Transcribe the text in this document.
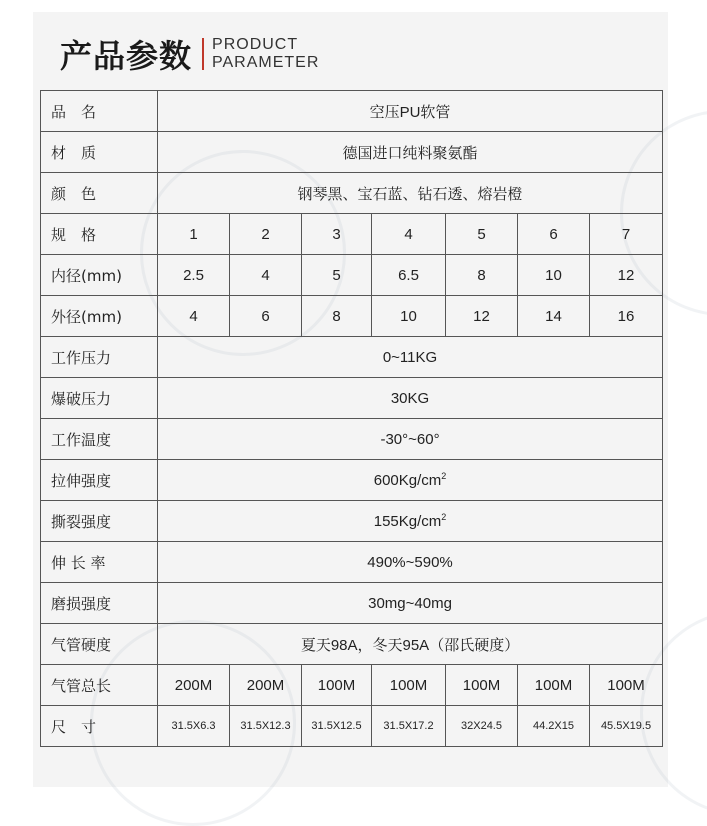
产品参数 PRODUCT
PARAMETER
品　名	空压PU软管						
材　质	德国进口纯料聚氨酯						
颜　色	钢琴黑、宝石蓝、钻石透、熔岩橙						
规　格	1	2	3	4	5	6	7
内径(mm)	2.5	4	5	6.5	8	10	12
外径(mm)	4	6	8	10	12	14	16
工作压力	0~11KG						
爆破压力	30KG						
工作温度	-30°~60°						
拉伸强度	$600Kg/cm^2$
撕裂强度	$155Kg/cm^2$
伸 长 率	490%~590%						
磨损强度	30mg~40mg						
气管硬度	夏天98A，冬天95A（邵氏硬度）						
气管总长	200M	200M	100M	100M	100M	100M	100M
尺　寸	31.5X6.3	31.5X12.3	31.5X12.5	31.5X17.2	32X24.5	44.2X15	45.5X19.5
